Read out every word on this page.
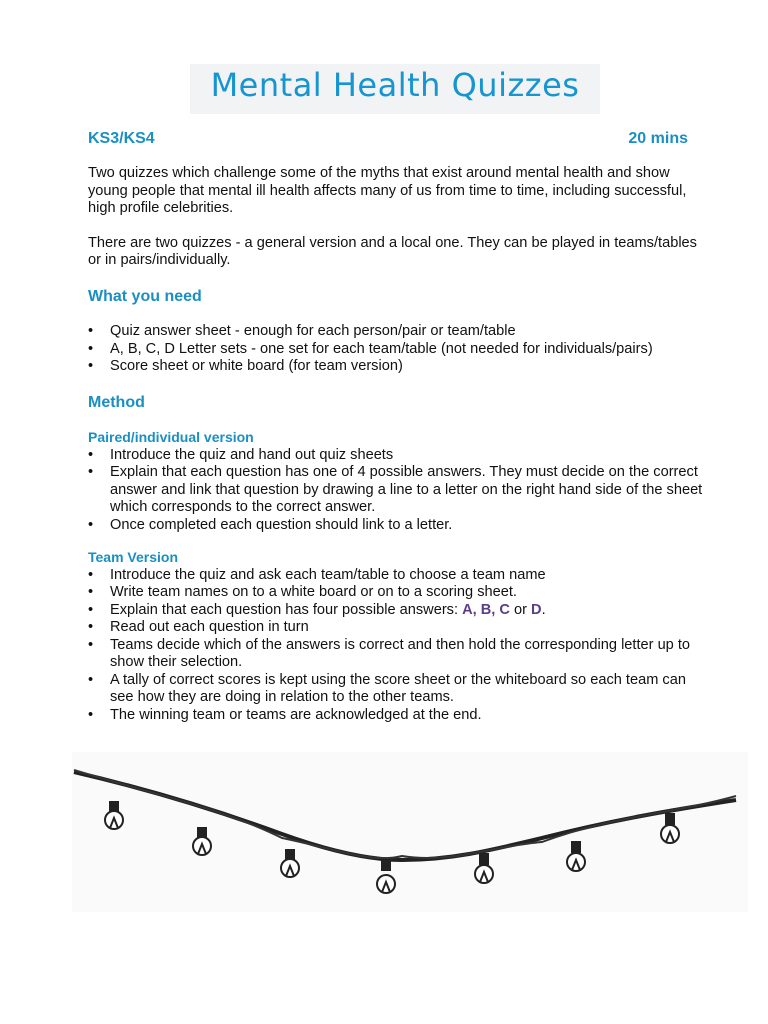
Mental Health Quizzes
KS3/KS4	20 mins

Two quizzes which challenge some of the myths that exist around mental health and show young people that mental ill health affects many of us from time to time, including successful, high profile celebrities.

There are two quizzes - a general version and a local one. They can be played in teams/tables or in pairs/individually.

What you need
• Quiz answer sheet - enough for each person/pair or team/table
• A, B, C, D Letter sets - one set for each team/table (not needed for individuals/pairs)
• Score sheet or white board (for team version)
Method
Paired/individual version
• Introduce the quiz and hand out quiz sheets
• Explain that each question has one of 4 possible answers. They must decide on the correct answer and link that question by drawing a line to a letter on the right hand side of the sheet which corresponds to the correct answer.
• Once completed each question should link to a letter.
Team Version
• Introduce the quiz and ask each team/table to choose a team name
• Write team names on to a white board or on to a scoring sheet.
• Explain that each question has four possible answers: A, B, C or D.
• Read out each question in turn
• Teams decide which of the answers is correct and then hold the corresponding letter up to show their selection.
• A tally of correct scores is kept using the score sheet or the whiteboard so each team can see how they are doing in relation to the other teams.
• The winning team or teams are acknowledged at the end.
